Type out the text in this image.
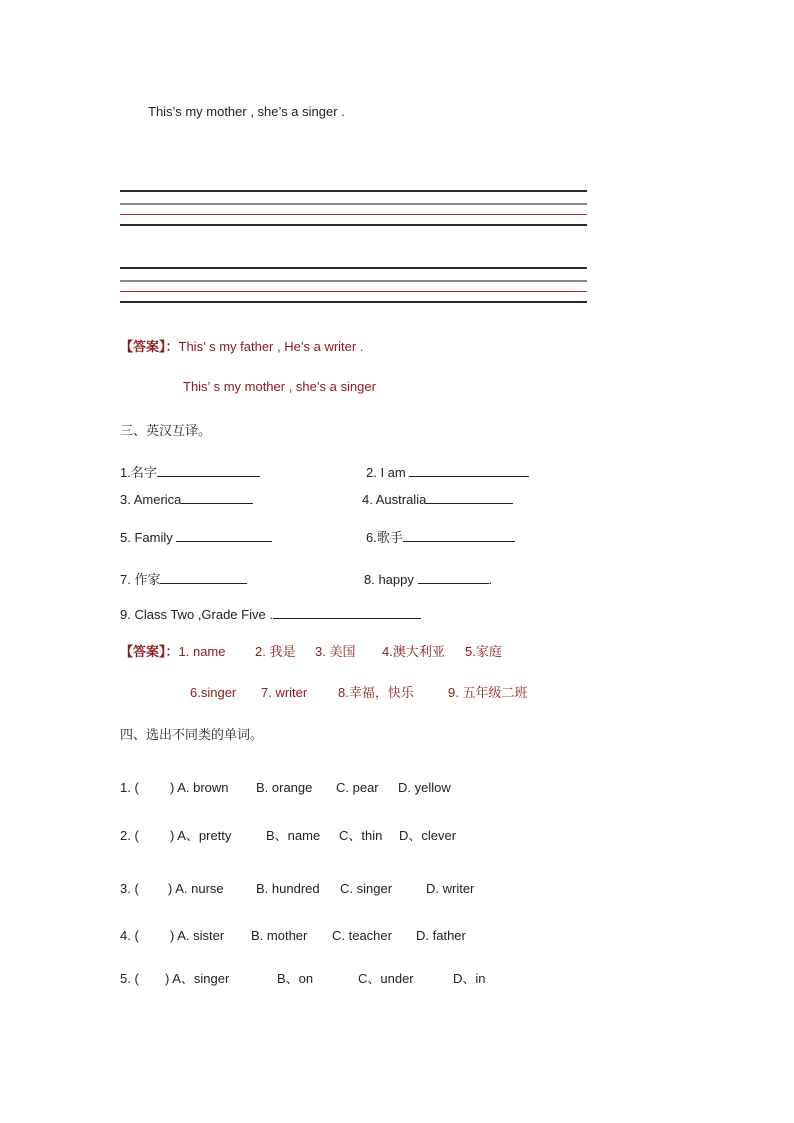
This’s my mother , she’s a singer .
【答案】：This’ s my father , He’s a writer .
This’ s my mother , she’s a singer
三、英汉互译。
1.名字	2. I am
3. America	4. Australia
5. Family	6.歌手
7. 作家	8. happy	.
9. Class Two ,Grade Five .
【答案】：1. name 2. 我是 3. 美国 4.澳大利亚 5.家庭
6.singer 7. writer 8.幸福，快乐	9. 五年级二班
四、选出不同类的单词。
1. ( ) A. brown B. orange C. pear D. yellow
2. ( ) A、pretty	B、name C、thin D、clever
3. ( ) A. nurse B. hundred C. singer	D. writer
4. ( ) A. sister B. mother C. teacher D. father
5. ( ) A、singer	B、on	C、under	D、in
